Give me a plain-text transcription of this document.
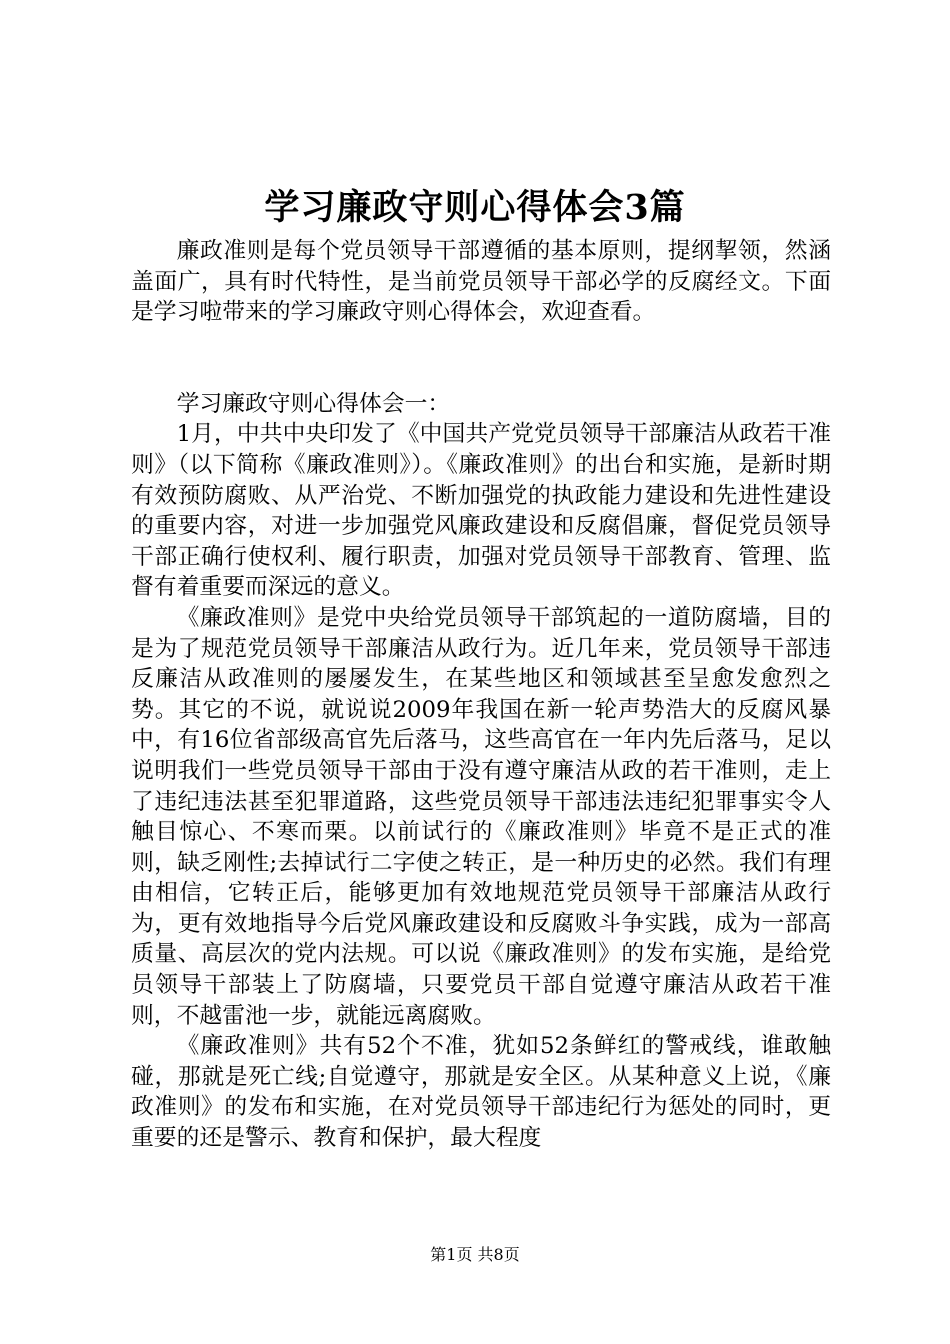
学习廉政守则心得体会3篇

廉政准则是每个党员领导干部遵循的基本原则，提纲挈领，然涵盖面广，具有时代特性，是当前党员领导干部必学的反腐经文。下面是学习啦带来的学习廉政守则心得体会，欢迎查看。

学习廉政守则心得体会一：

1月，中共中央印发了《中国共产党党员领导干部廉洁从政若干准则》（以下简称《廉政准则》）。《廉政准则》的出台和实施，是新时期有效预防腐败、从严治党、不断加强党的执政能力建设和先进性建设的重要内容，对进一步加强党风廉政建设和反腐倡廉，督促党员领导干部正确行使权利、履行职责，加强对党员领导干部教育、管理、监督有着重要而深远的意义。

《廉政准则》是党中央给党员领导干部筑起的一道防腐墙，目的是为了规范党员领导干部廉洁从政行为。近几年来，党员领导干部违反廉洁从政准则的屡屡发生，在某些地区和领域甚至呈愈发愈烈之势。其它的不说，就说说2009年我国在新一轮声势浩大的反腐风暴中，有16位省部级高官先后落马，这些高官在一年内先后落马，足以说明我们一些党员领导干部由于没有遵守廉洁从政的若干准则，走上了违纪违法甚至犯罪道路，这些党员领导干部违法违纪犯罪事实令人触目惊心、不寒而栗。以前试行的《廉政准则》毕竟不是正式的准则，缺乏刚性;去掉试行二字使之转正，是一种历史的必然。我们有理由相信，它转正后，能够更加有效地规范党员领导干部廉洁从政行为，更有效地指导今后党风廉政建设和反腐败斗争实践，成为一部高质量、高层次的党内法规。可以说《廉政准则》的发布实施，是给党员领导干部装上了防腐墙，只要党员干部自觉遵守廉洁从政若干准则，不越雷池一步，就能远离腐败。

《廉政准则》共有52个不准，犹如52条鲜红的警戒线，谁敢触碰，那就是死亡线;自觉遵守，那就是安全区。从某种意义上说，《廉政准则》的发布和实施，在对党员领导干部违纪行为惩处的同时，更重要的还是警示、教育和保护，最大程度

第1页 共8页
